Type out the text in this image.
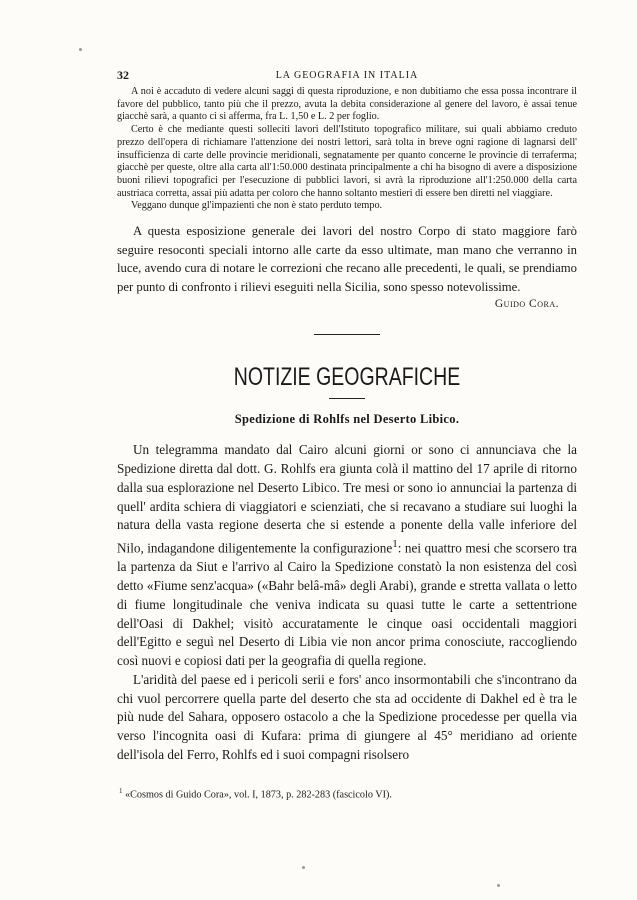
32	LA GEOGRAFIA IN ITALIA

A noi è accaduto di vedere alcuni saggi di questa riproduzione, e non dubitiamo che essa possa incontrare il favore del pubblico, tanto più che il prezzo, avuta la debita considerazione al genere del lavoro, è assai tenue giacchè sarà, a quanto ci si afferma, fra L. 1,50 e L. 2 per foglio.

Certo è che mediante questi solleciti lavori dell'Istituto topografico militare, sui quali abbiamo creduto prezzo dell'opera di richiamare l'attenzione dei nostri lettori, sarà tolta in breve ogni ragione di lagnarsi dell' insufficienza di carte delle provincie meridionali, segnatamente per quanto concerne le provincie di terraferma; giacchè per queste, oltre alla carta all'1:50.000 destinata principalmente a chi ha bisogno di avere a disposizione buoni rilievi topografici per l'esecuzione di pubblici lavori, si avrà la riproduzione all'1:250.000 della carta austriaca corretta, assai più adatta per coloro che hanno soltanto mestieri di essere ben diretti nel viaggiare.

Veggano dunque gl'impazienti che non è stato perduto tempo.

A questa esposizione generale dei lavori del nostro Corpo di stato maggiore farò seguire resoconti speciali intorno alle carte da esso ultimate, man mano che verranno in luce, avendo cura di notare le correzioni che recano alle precedenti, le quali, se prendiamo per punto di confronto i rilievi eseguiti nella Sicilia, sono spesso notevolissime.

Guido Cora.
NOTIZIE GEOGRAFICHE
Spedizione di Rohlfs nel Deserto Libico.

Un telegramma mandato dal Cairo alcuni giorni or sono ci annunciava che la Spedizione diretta dal dott. G. Rohlfs era giunta colà il mattino del 17 aprile di ritorno dalla sua esplorazione nel Deserto Libico. Tre mesi or sono io annunciai la partenza di quell' ardita schiera di viaggiatori e scienziati, che si recavano a studiare sui luoghi la natura della vasta regione deserta che si estende a ponente della valle inferiore del Nilo, indagandone diligentemente la configurazione$^1$: nei quattro mesi che scorsero tra la partenza da Siut e l'arrivo al Cairo la Spedizione constatò la non esistenza del così detto «Fiume senz'acqua» («Bahr belâ-mâ» degli Arabi), grande e stretta vallata o letto di fiume longitudinale che veniva indicata su quasi tutte le carte a settentrione dell'Oasi di Dakhel; visitò accuratamente le cinque oasi occidentali maggiori dell'Egitto e seguì nel Deserto di Libia vie non ancor prima conosciute, raccogliendo così nuovi e copiosi dati per la geografia di quella regione.

L'aridità del paese ed i pericoli serii e fors' anco insormontabili che s'incontrano da chi vuol percorrere quella parte del deserto che sta ad occidente di Dakhel ed è tra le più nude del Sahara, opposero ostacolo a che la Spedizione procedesse per quella via verso l'incognita oasi di Kufara: prima di giungere al 45° meridiano ad oriente dell'isola del Ferro, Rohlfs ed i suoi compagni risolsero

$^1$ «Cosmos di Guido Cora», vol. I, 1873, p. 282-283 (fascicolo VI).
